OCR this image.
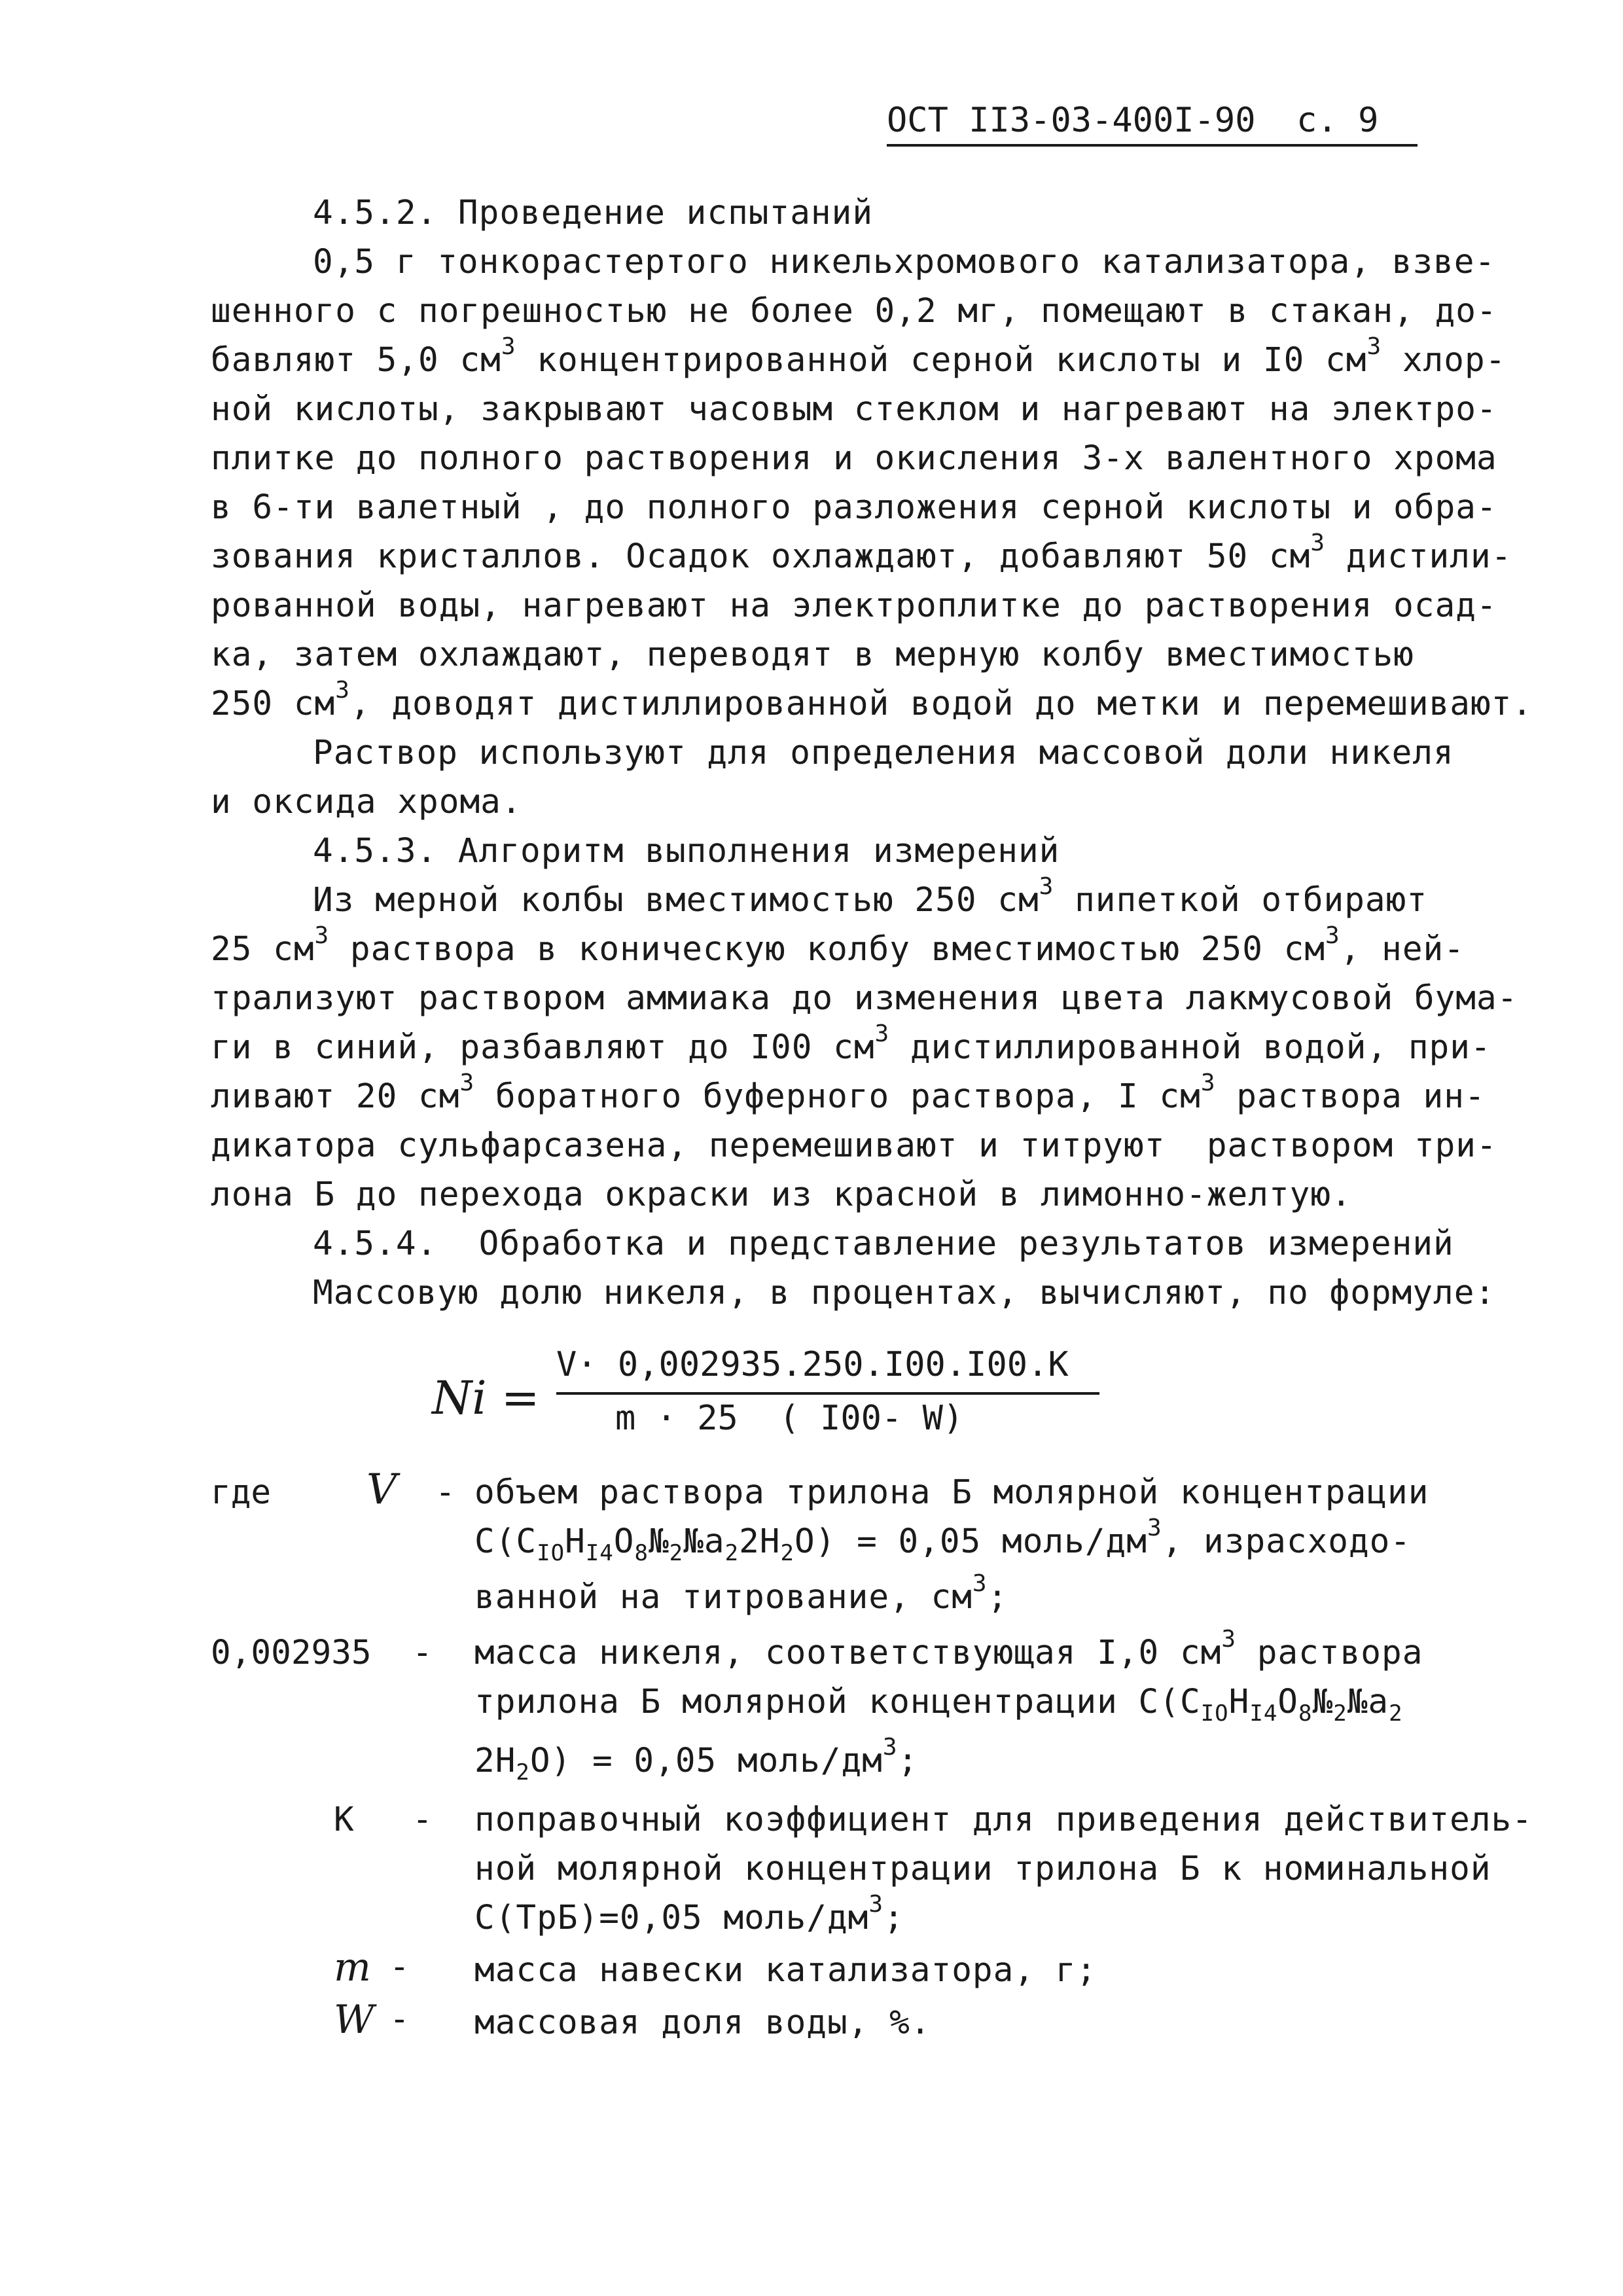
ОСТ II3-03-400I-90 с. 9
4.5.2. Проведение испытаний
0,5 г тонкорастертого никельхромового катализатора, взве-
шенного с погрешностью не более 0,2 мг, помещают в стакан, до-
бавляют 5,0 $см^3$ концентрированной серной кислоты и I0 $см^3$ хлор-
ной кислоты, закрывают часовым стеклом и нагревают на электро-
плитке до полного растворения и окисления 3-х валентного хрома
в 6-ти валетный , до полного разложения серной кислоты и обра-
зования кристаллов. Осадок охлаждают, добавляют 50 $см^3$ дистили-
рованной воды, нагревают на электроплитке до растворения осад-
ка, затем охлаждают, переводят в мерную колбу вместимостью
250 $см^3$, доводят дистиллированной водой до метки и перемешивают.
Раствор используют для определения массовой доли никеля
и оксида хрома.
4.5.3. Алгоритм выполнения измерений
Из мерной колбы вместимостью 250 $см^3$ пипеткой отбирают
25 $см^3$ раствора в коническую колбу вместимостью 250 $см^3$, ней-
трализуют раствором аммиака до изменения цвета лакмусовой бума-
ги в синий, разбавляют до I00 $см^3$ дистиллированной водой, при-
ливают 20 $см^3$ боратного буферного раствора, I $см^3$ раствора ин-
дикатора сульфарсазена, перемешивают и титруют  раствором три-
лона Б до перехода окраски из красной в лимонно-желтую.
4.5.4.  Обработка и представление результатов измерений
Массовую долю никеля, в процентах, вычисляют, по формуле:
Ni =
V· 0,002935.250.I00.I00.K
m · 25  ( I00- W)
где V - объем раствора трилона Б молярной концентрации
$C(C_{IO}H_{I4}O_8№_2№a_22H_2O) = 0,05$ моль/$дм^3$, израсходо-
ванной на титрование, $см^3$;
0,002935 - масса никеля, соответствующая I,0 $см^3$ раствора
трилона Б молярной концентрации $C(C_{IO}H_{I4}O_8№_2№a_2$
$2H_2O) = 0,05$ моль/$дм^3$;
K - поправочный коэффициент для приведения действитель-
ной молярной концентрации трилона Б к номинальной
C(ТрБ)=0,05 моль/$дм^3$;
m - масса навески катализатора, г;
W - массовая доля воды, %.
